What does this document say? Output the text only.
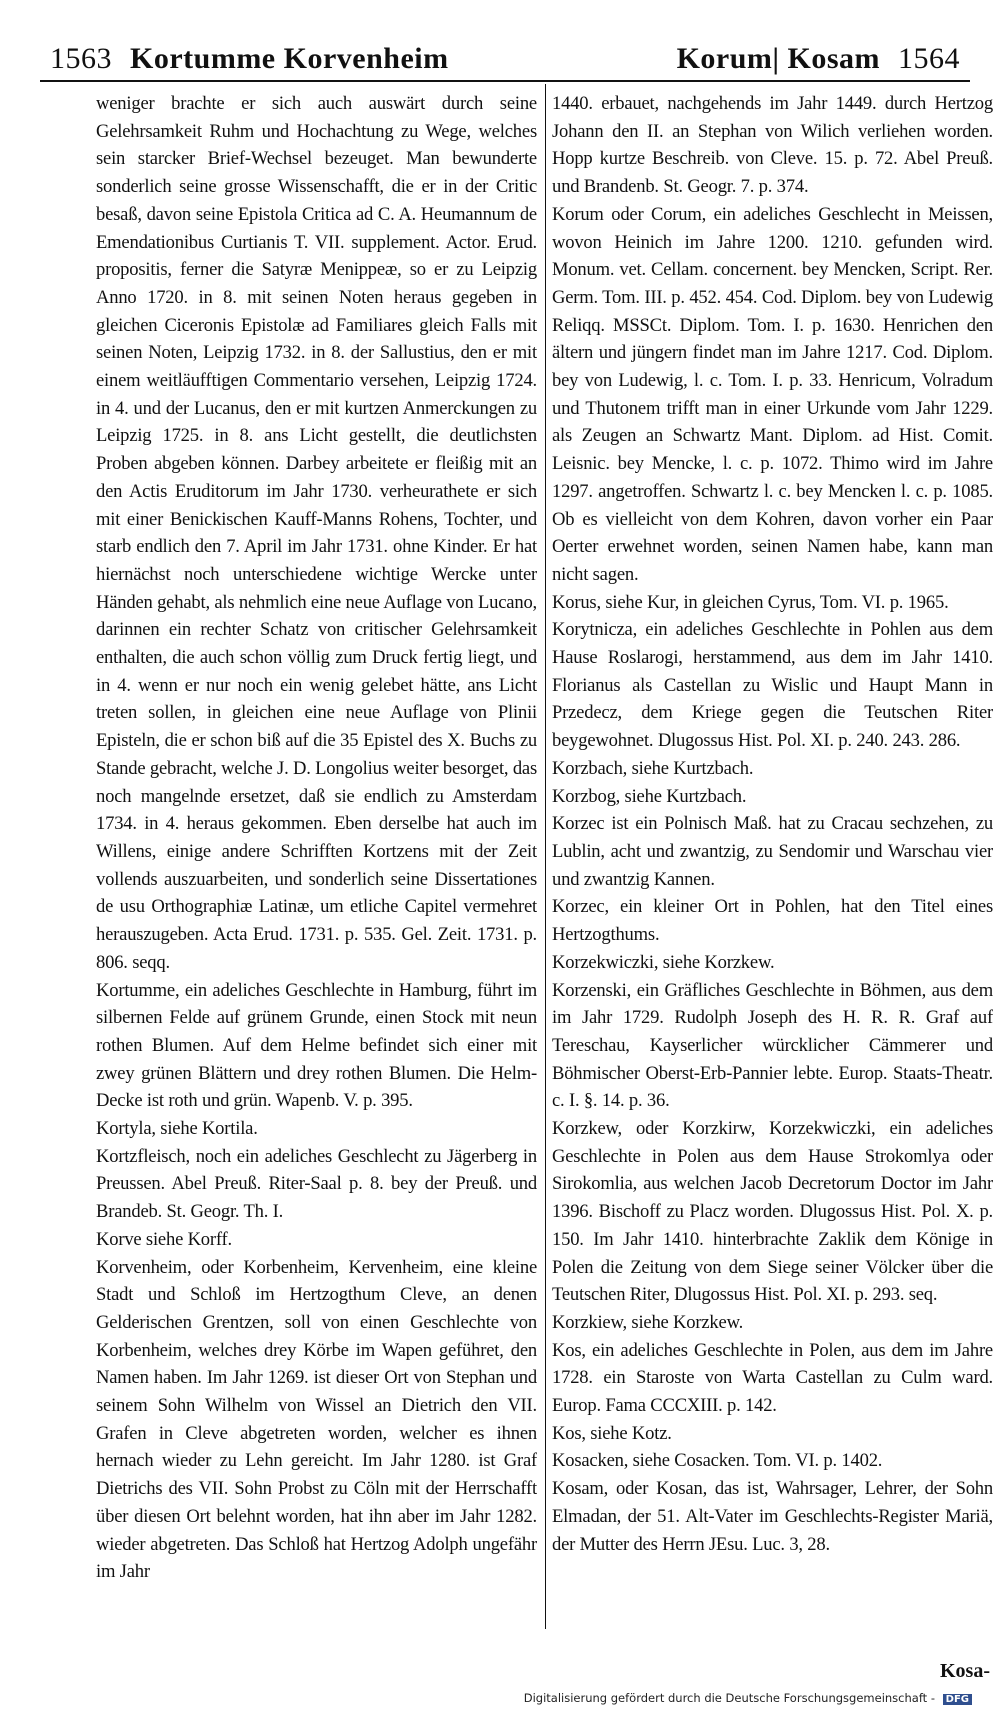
1563 Kortumme Korvenheim	Korum| Kosam 1564

weniger brachte er sich auch auswärt durch seine Gelehrsamkeit Ruhm und Hochachtung zu Wege, welches sein starcker Brief-Wechsel bezeuget. Man bewunderte sonderlich seine grosse Wissenschafft, die er in der Critic besaß, davon seine Epistola Critica ad C. A. Heumannum de Emendationibus Curtianis T. VII. supplement. Actor. Erud. propositis, ferner die Satyræ Menippeæ, so er zu Leipzig Anno 1720. in 8. mit seinen Noten heraus gegeben in gleichen Ciceronis Epistolæ ad Familiares gleich Falls mit seinen Noten, Leipzig 1732. in 8. der Sallustius, den er mit einem weitläufftigen Commentario versehen, Leipzig 1724. in 4. und der Lucanus, den er mit kurtzen Anmerckungen zu Leipzig 1725. in 8. ans Licht gestellt, die deutlichsten Proben abgeben können. Darbey arbeitete er fleißig mit an den Actis Eruditorum im Jahr 1730. verheurathete er sich mit einer Benickischen Kauff-Manns Rohens, Tochter, und starb endlich den 7. April im Jahr 1731. ohne Kinder. Er hat hiernächst noch unterschiedene wichtige Wercke unter Händen gehabt, als nehmlich eine neue Auflage von Lucano, darinnen ein rechter Schatz von critischer Gelehrsamkeit enthalten, die auch schon völlig zum Druck fertig liegt, und in 4. wenn er nur noch ein wenig gelebet hätte, ans Licht treten sollen, in gleichen eine neue Auflage von Plinii Episteln, die er schon biß auf die 35 Epistel des X. Buchs zu Stande gebracht, welche J. D. Longolius weiter besorget, das noch mangelnde ersetzet, daß sie endlich zu Amsterdam 1734. in 4. heraus gekommen. Eben derselbe hat auch im Willens, einige andere Schrifften Kortzens mit der Zeit vollends auszuarbeiten, und sonderlich seine Dissertationes de usu Orthographiæ Latinæ, um etliche Capitel vermehret herauszugeben. Acta Erud. 1731. p. 535. Gel. Zeit. 1731. p. 806. seqq.

Kortumme, ein adeliches Geschlechte in Hamburg, führt im silbernen Felde auf grünem Grunde, einen Stock mit neun rothen Blumen. Auf dem Helme befindet sich einer mit zwey grünen Blättern und drey rothen Blumen. Die Helm-Decke ist roth und grün. Wapenb. V. p. 395.

Kortyla, siehe Kortila.

Kortzfleisch, noch ein adeliches Geschlecht zu Jägerberg in Preussen. Abel Preuß. Riter-Saal p. 8. bey der Preuß. und Brandeb. St. Geogr. Th. I.

Korve siehe Korff.

Korvenheim, oder Korbenheim, Kervenheim, eine kleine Stadt und Schloß im Hertzogthum Cleve, an denen Gelderischen Grentzen, soll von einen Geschlechte von Korbenheim, welches drey Körbe im Wapen geführet, den Namen haben. Im Jahr 1269. ist dieser Ort von Stephan und seinem Sohn Wilhelm von Wissel an Dietrich den VII. Grafen in Cleve abgetreten worden, welcher es ihnen hernach wieder zu Lehn gereicht. Im Jahr 1280. ist Graf Dietrichs des VII. Sohn Probst zu Cöln mit der Herrschafft über diesen Ort belehnt worden, hat ihn aber im Jahr 1282. wieder abgetreten. Das Schloß hat Hertzog Adolph ungefähr im Jahr

1440. erbauet, nachgehends im Jahr 1449. durch Hertzog Johann den II. an Stephan von Wilich verliehen worden. Hopp kurtze Beschreib. von Cleve. 15. p. 72. Abel Preuß. und Brandenb. St. Geogr. 7. p. 374.

Korum oder Corum, ein adeliches Geschlecht in Meissen, wovon Heinich im Jahre 1200. 1210. gefunden wird. Monum. vet. Cellam. concernent. bey Mencken, Script. Rer. Germ. Tom. III. p. 452. 454. Cod. Diplom. bey von Ludewig Reliqq. MSSCt. Diplom. Tom. I. p. 1630. Henrichen den ältern und jüngern findet man im Jahre 1217. Cod. Diplom. bey von Ludewig, l. c. Tom. I. p. 33. Henricum, Volradum und Thutonem trifft man in einer Urkunde vom Jahr 1229. als Zeugen an Schwartz Mant. Diplom. ad Hist. Comit. Leisnic. bey Mencke, l. c. p. 1072. Thimo wird im Jahre 1297. angetroffen. Schwartz l. c. bey Mencken l. c. p. 1085. Ob es vielleicht von dem Kohren, davon vorher ein Paar Oerter erwehnet worden, seinen Namen habe, kann man nicht sagen.

Korus, siehe Kur, in gleichen Cyrus, Tom. VI. p. 1965.

Korytnicza, ein adeliches Geschlechte in Pohlen aus dem Hause Roslarogi, herstammend, aus dem im Jahr 1410. Florianus als Castellan zu Wislic und Haupt Mann in Przedecz, dem Kriege gegen die Teutschen Riter beygewohnet. Dlugossus Hist. Pol. XI. p. 240. 243. 286.

Korzbach, siehe Kurtzbach.

Korzbog, siehe Kurtzbach.

Korzec ist ein Polnisch Maß. hat zu Cracau sechzehen, zu Lublin, acht und zwantzig, zu Sendomir und Warschau vier und zwantzig Kannen.

Korzec, ein kleiner Ort in Pohlen, hat den Titel eines Hertzogthums.

Korzekwiczki, siehe Korzkew.

Korzenski, ein Gräfliches Geschlechte in Böhmen, aus dem im Jahr 1729. Rudolph Joseph des H. R. R. Graf auf Tereschau, Kayserlicher würcklicher Cämmerer und Böhmischer Oberst-Erb-Pannier lebte. Europ. Staats-Theatr. c. I. §. 14. p. 36.

Korzkew, oder Korzkirw, Korzekwiczki, ein adeliches Geschlechte in Polen aus dem Hause Strokomlya oder Sirokomlia, aus welchen Jacob Decretorum Doctor im Jahr 1396. Bischoff zu Placz worden. Dlugossus Hist. Pol. X. p. 150. Im Jahr 1410. hinterbrachte Zaklik dem Könige in Polen die Zeitung von dem Siege seiner Völcker über die Teutschen Riter, Dlugossus Hist. Pol. XI. p. 293. seq.

Korzkiew, siehe Korzkew.

Kos, ein adeliches Geschlechte in Polen, aus dem im Jahre 1728. ein Staroste von Warta Castellan zu Culm ward. Europ. Fama CCCXIII. p. 142.

Kos, siehe Kotz.

Kosacken, siehe Cosacken. Tom. VI. p. 1402.

Kosam, oder Kosan, das ist, Wahrsager, Lehrer, der Sohn Elmadan, der 51. Alt-Vater im Geschlechts-Register Mariä, der Mutter des Herrn JEsu. Luc. 3, 28.

Kosa-
Digitalisierung gefördert durch die Deutsche Forschungsgemeinschaft - DFG
